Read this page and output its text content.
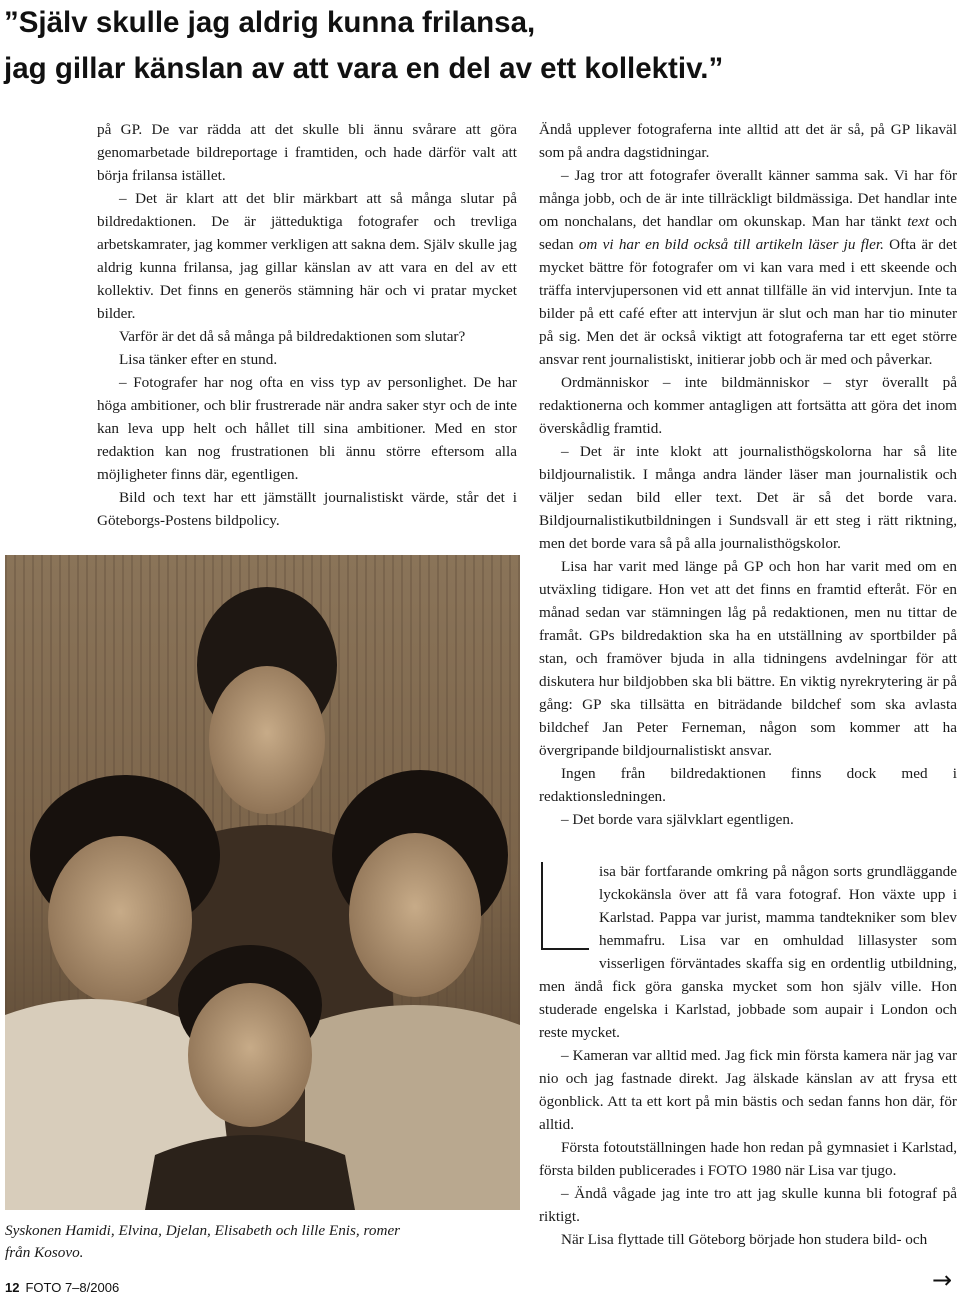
”Själv skulle jag aldrig kunna frilansa,
jag gillar känslan av att vara en del av ett kollektiv.”

på GP. De var rädda att det skulle bli ännu svårare att göra genomarbetade bildreportage i framtiden, och hade därför valt att börja frilansa istället.

– Det är klart att det blir märkbart att så många slutar på bildredaktionen. De är jätteduktiga fotografer och trevliga arbetskamrater, jag kommer verkligen att sakna dem. Själv skulle jag aldrig kunna frilansa, jag gillar känslan av att vara en del av ett kollektiv. Det finns en generös stämning här och vi pratar mycket bilder.

Varför är det då så många på bildredaktionen som slutar?

Lisa tänker efter en stund.

– Fotografer har nog ofta en viss typ av personlighet. De har höga ambitioner, och blir frustrerade när andra saker styr och de inte kan leva upp helt och hållet till sina ambitioner. Med en stor redaktion kan nog frustrationen bli ännu större eftersom alla möjligheter finns där, egentligen.

Bild och text har ett jämställt journalistiskt värde, står det i Göteborgs-Postens bildpolicy.

Ändå upplever fotograferna inte alltid att det är så, på GP likaväl som på andra dagstidningar.

– Jag tror att fotografer överallt känner samma sak. Vi har för många jobb, och de är inte tillräckligt bildmässiga. Det handlar inte om nonchalans, det handlar om okunskap. Man har tänkt text och sedan om vi har en bild också till artikeln läser ju fler. Ofta är det mycket bättre för fotografer om vi kan vara med i ett skeende och träffa intervjupersonen vid ett annat tillfälle än vid intervjun. Inte ta bilder på ett café efter att intervjun är slut och man har tio minuter på sig. Men det är också viktigt att fotograferna tar ett eget större ansvar rent journalistiskt, initierar jobb och är med och påverkar.

Ordmänniskor – inte bildmänniskor – styr överallt på redaktionerna och kommer antagligen att fortsätta att göra det inom överskådlig framtid.

– Det är inte klokt att journalisthögskolorna har så lite bildjournalistik. I många andra länder läser man journalistik och väljer sedan bild eller text. Det är så det borde vara. Bildjournalistikutbildningen i Sundsvall är ett steg i rätt riktning, men det borde vara så på alla journalisthögskolor.

Lisa har varit med länge på GP och hon har varit med om en utväxling tidigare. Hon vet att det finns en framtid efteråt. För en månad sedan var stämningen låg på redaktionen, men nu tittar de framåt. GPs bildredaktion ska ha en utställning av sportbilder på stan, och framöver bjuda in alla tidningens avdelningar för att diskutera hur bildjobben ska bli bättre. En viktig nyrekrytering är på gång: GP ska tillsätta en biträdande bildchef som ska avlasta bildchef Jan Peter Ferneman, någon som kommer att ha övergripande bildjournalistiskt ansvar.

Ingen från bildredaktionen finns dock med i redaktionsledningen.

– Det borde vara självklart egentligen.

isa bär fortfarande omkring på någon sorts grundläggande lyckokänsla över att få vara fotograf. Hon växte upp i Karlstad. Pappa var jurist, mamma tandtekniker som blev hemmafru. Lisa var en omhuldad lillasyster som visserligen förväntades skaffa sig en ordentlig utbildning, men ändå fick göra ganska mycket som hon själv ville. Hon studerade engelska i Karlstad, jobbade som aupair i London och reste mycket.

– Kameran var alltid med. Jag fick min första kamera när jag var nio och jag fastnade direkt. Jag älskade känslan av att frysa ett ögonblick. Att ta ett kort på min bästis och sedan fanns hon där, för alltid.

Första fotoutställningen hade hon redan på gymnasiet i Karlstad, första bilden publicerades i FOTO 1980 när Lisa var tjugo.

– Ändå vågade jag inte tro att jag skulle kunna bli fotograf på riktigt.

När Lisa flyttade till Göteborg började hon studera bild- och

Syskonen Hamidi, Elvina, Djelan, Elisabeth och lille Enis, romer från Kosovo.

12 FOTO 7–8/2006	→
